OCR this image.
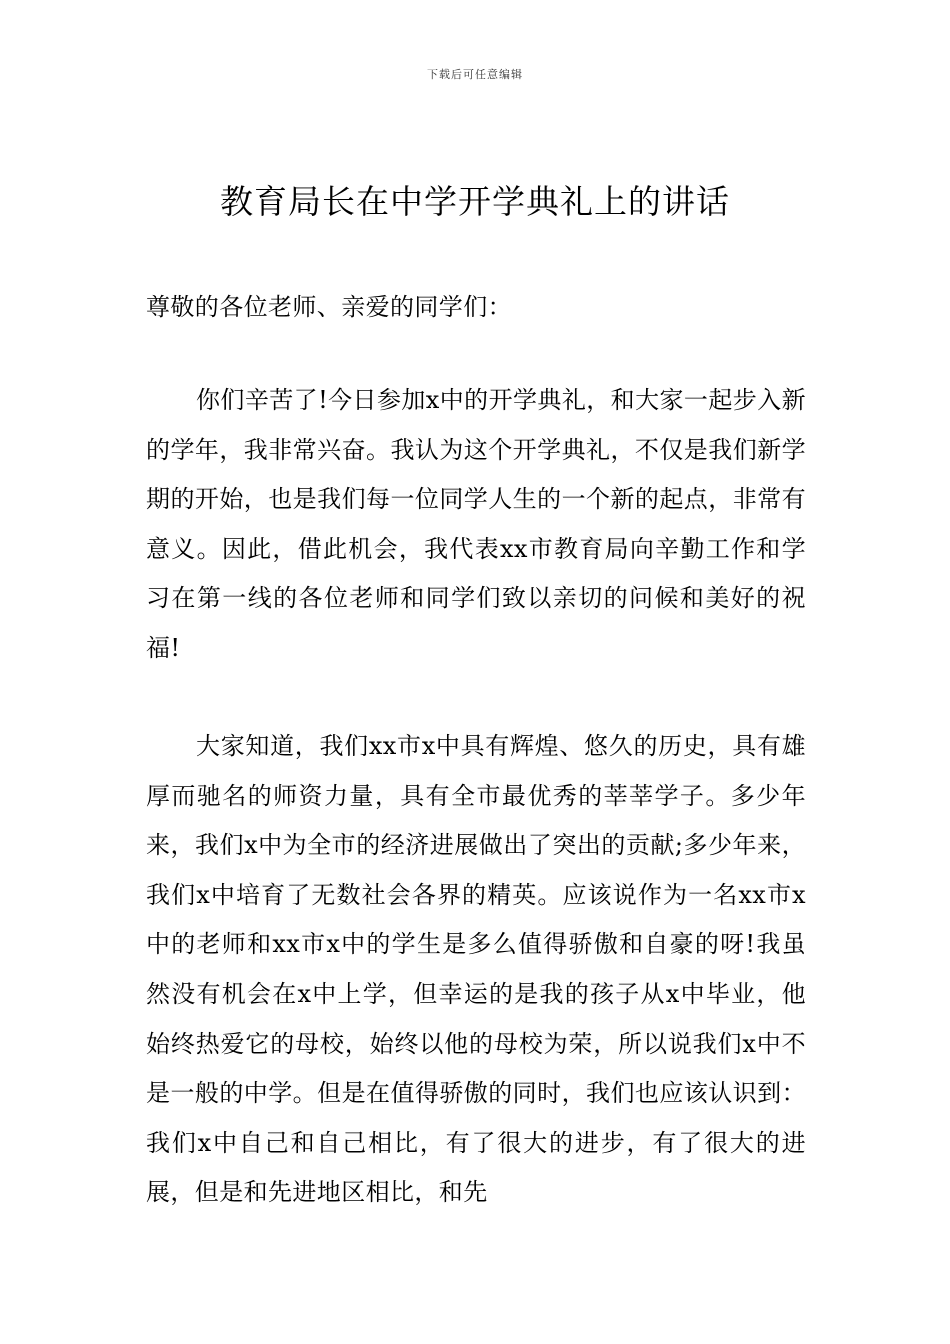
下载后可任意编辑
教育局长在中学开学典礼上的讲话

尊敬的各位老师、亲爱的同学们：

你们辛苦了!今日参加x中的开学典礼，和大家一起步入新的学年，我非常兴奋。我认为这个开学典礼，不仅是我们新学期的开始，也是我们每一位同学人生的一个新的起点，非常有意义。因此，借此机会，我代表xx市教育局向辛勤工作和学习在第一线的各位老师和同学们致以亲切的问候和美好的祝福!

大家知道，我们xx市x中具有辉煌、悠久的历史，具有雄厚而驰名的师资力量，具有全市最优秀的莘莘学子。多少年来，我们x中为全市的经济进展做出了突出的贡献;多少年来，我们x中培育了无数社会各界的精英。应该说作为一名xx市x中的老师和xx市x中的学生是多么值得骄傲和自豪的呀!我虽然没有机会在x中上学，但幸运的是我的孩子从x中毕业，他始终热爱它的母校，始终以他的母校为荣，所以说我们x中不是一般的中学。但是在值得骄傲的同时，我们也应该认识到：我们x中自己和自己相比，有了很大的进步，有了很大的进展，但是和先进地区相比，和先
